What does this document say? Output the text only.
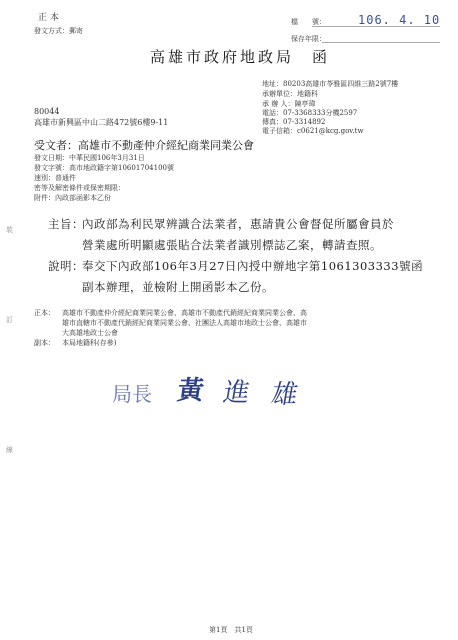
正 本
發文方式：郵寄
檔　　號：	106. 4. 10
保存年限：
高雄市政府地政局　函
地址：80203高雄市苓雅區四維三路2號7樓
承辦單位：地籍科
承 辦 人：陳亭瑋
電話：07-3368333分機2597
傳真：07-3314892
電子信箱：c0621@kcg.gov.tw
80044
高雄市新興區中山二路472號6樓9-11
受文者：高雄市不動產仲介經紀商業同業公會
發文日期：中華民國106年3月31日
發文字號：高市地政籍字第10601704100號
速別：普通件
密等及解密條件或保密期限：
附件：內政部函影本乙份
裝
訂
線
主旨：
內政部為利民眾辨識合法業者，惠請貴公會督促所屬會員於
營業處所明顯處張貼合法業者識別標誌乙案，轉請查照。
說明：
奉交下內政部106年3月27日內授中辦地字第1061303333號函
副本辦理，並檢附上開函影本乙份。
正本： 高雄市不動產仲介經紀商業同業公會、高雄市不動產代銷經紀商業同業公會、高
雄市直轄市不動產代銷經紀商業同業公會、社團法人高雄市地政士公會、高雄市
大高雄地政士公會
副本： 本局地籍科(存參)
局長 黃 進 雄
第1頁　共1頁
